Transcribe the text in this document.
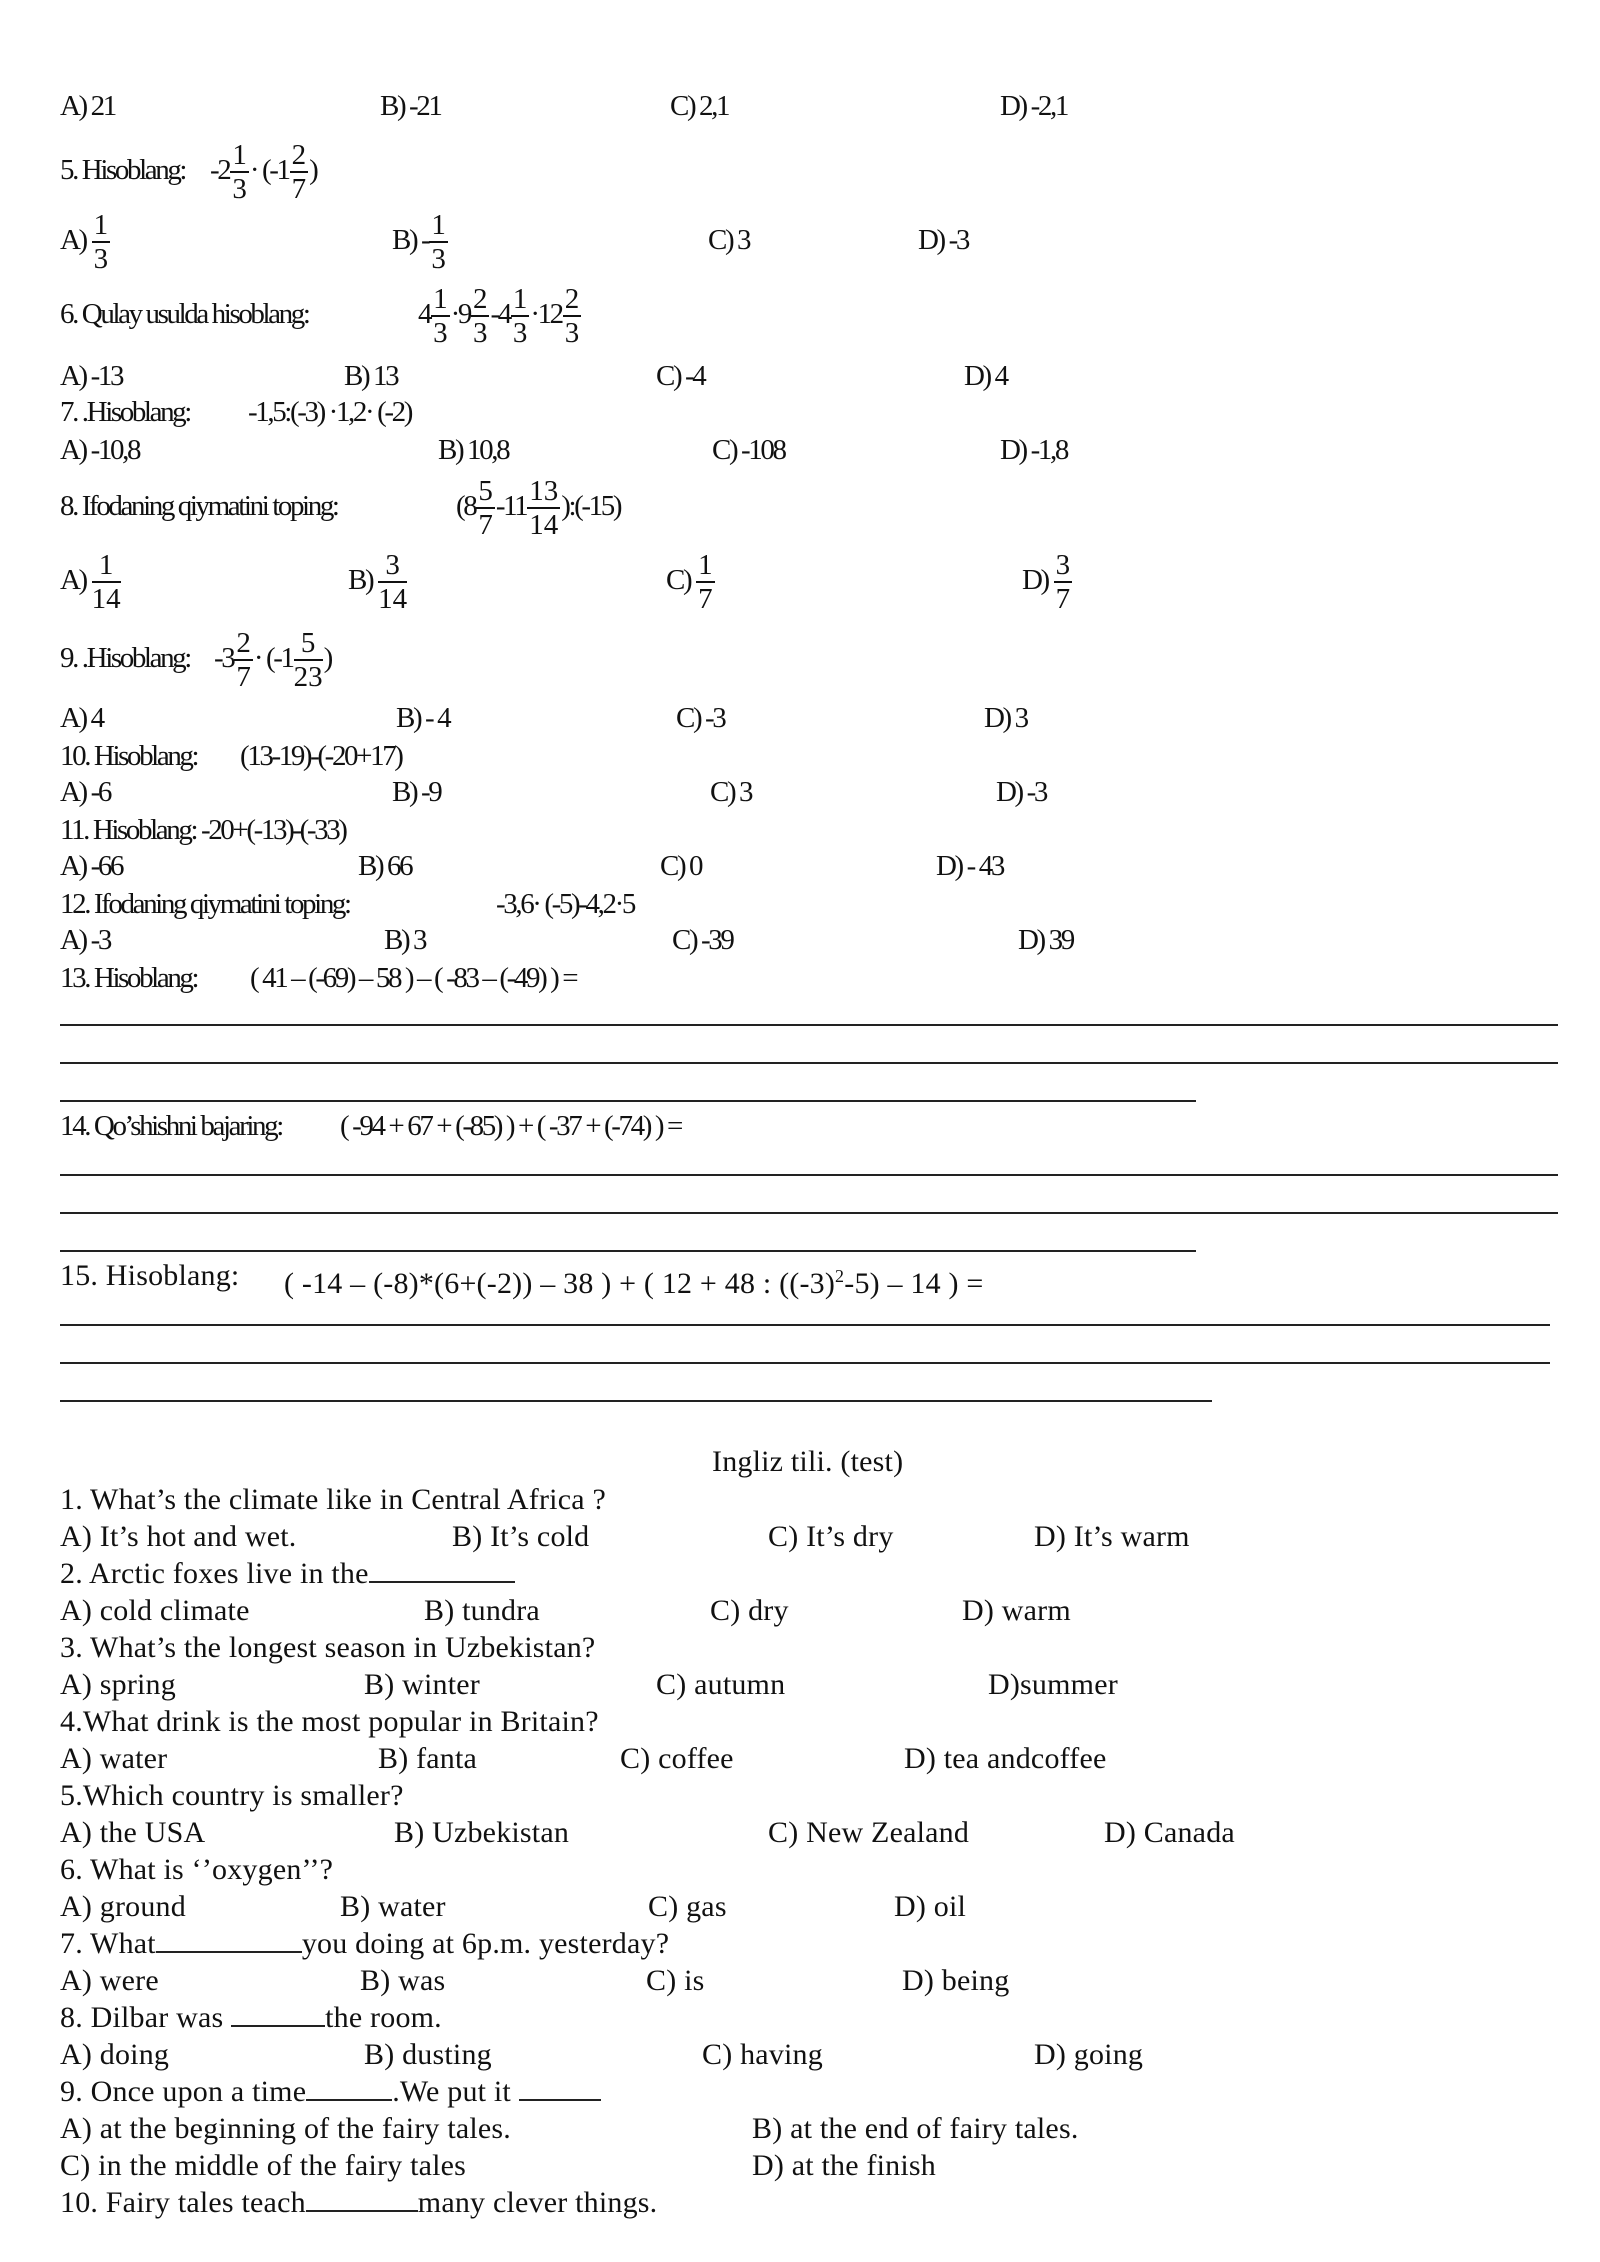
A) 21	B) -21	C) 2,1	D) -2,1
5. Hisoblang: $-2 \frac{1}{3} \cdot (-1 \frac{2}{7}$ )
$A) \frac{1}{3}$	$B) - \frac{1}{3}$	C) 3	D) -3
6. Qulay usulda hisoblang:	$4 \frac{1}{3} \cdot 9 \frac{2}{3} -4 \frac{1}{3} \cdot 12 \frac{2}{3}$
A) -13	B) 13	C) -4	D) 4
7. .Hisoblang: -1,5:(-3) ·1,2· (-2)
A) -10,8	B) 10,8	C) -108	D) -1,8
8. Ifodaning qiymatini toping:	($8 \frac{5}{7} -11 \frac{13}{14}$ ):(-15)
$A) \frac{1}{14}$	$B) \frac{3}{14}$	$C) \frac{1}{7}$	$D) \frac{3}{7}$
9. .Hisoblang: $-3 \frac{2}{7} \cdot (-1 \frac{5}{23}$ )
A) 4	B) - 4	C) -3	D) 3
10. Hisoblang: (13-19)-(-20+17)
A) -6	B) -9	C) 3	D) -3
11. Hisoblang: -20+(-13)-(-33)
A) -66	B) 66	C) 0	D) - 43
12. Ifodaning qiymatini toping:	-3,6· (-5)-4,2·5
A) -3	B) 3	C) -39	D) 39
13. Hisoblang: ( 41 – (-69) – 58 ) – ( -83 – (-49) ) =
14. Qo’shishni bajaring: ( -94 + 67 + (-85) ) + ( -37 + (-74) ) =
15. Hisoblang: ( -14 – (-8)*(6+(-2)) – 38 ) + ( 12 + 48 : $((-3)^2-5) - 14$ ) =
Ingliz tili. (test)
1. What’s the climate like in Central Africa ?
A) It’s hot and wet.	B) It’s cold	C) It’s dry	D) It’s warm
2. Arctic foxes live in the
A) cold climate	B) tundra	C) dry	D) warm
3. What’s the longest season in Uzbekistan?
A) spring	B) winter	C) autumn	D)summer
4.What drink is the most popular in Britain?
A) water	B) fanta	C) coffee	D) tea andcoffee
5.Which country is smaller?
A) the USA	B) Uzbekistan	C) New Zealand	D) Canada
6. What is ‘’oxygen’’?
A) ground	B) water	C) gas	D) oil
7. What	you doing at 6p.m. yesterday?
A) were	B) was	C) is	D) being
8. Dilbar was	the room.
A) doing	B) dusting	C) having	D) going
9. Once upon a time	.We put it
A) at the beginning of the fairy tales.	B) at the end of fairy tales.
C) in the middle of the fairy tales	D) at the finish
10. Fairy tales teach	many clever things.
